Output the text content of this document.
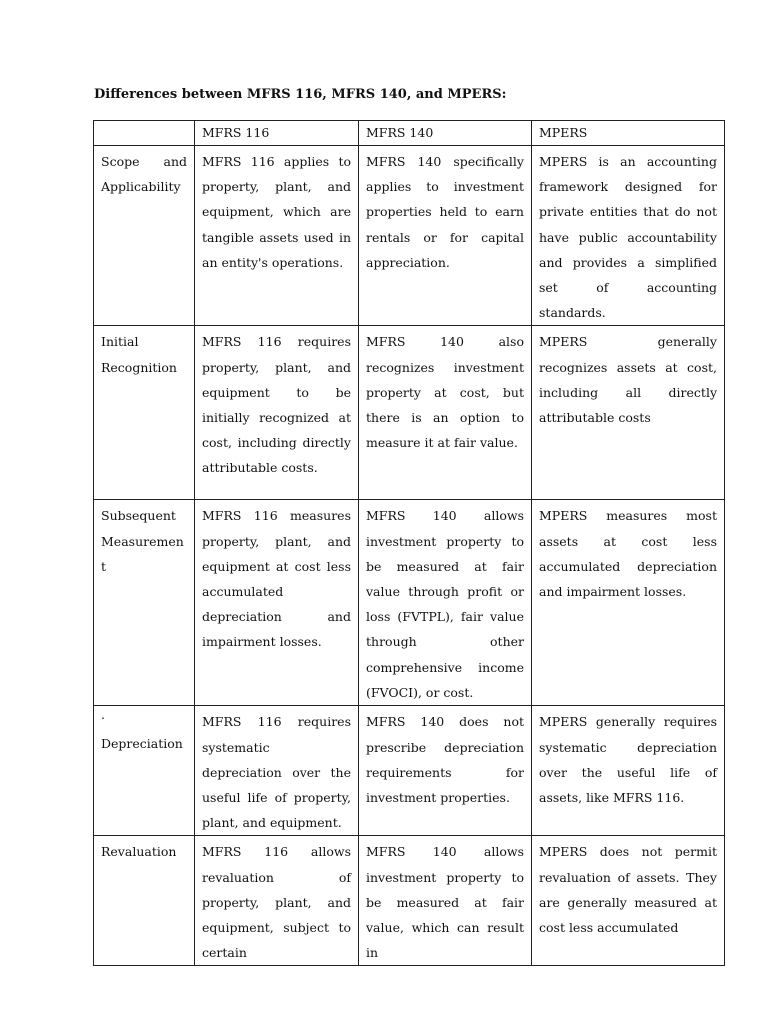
Differences between MFRS 116, MFRS 140, and MPERS:
	MFRS 116	MFRS 140	MPERS
Scope and Applicability	MFRS 116 applies to property, plant, and equipment, which are tangible assets used in an entity's operations.	MFRS 140 specifically applies to investment properties held to earn rentals or for capital appreciation.	MPERS is an accounting framework designed for private entities that do not have public accountability and provides a simplified set of accounting standards.
Initial Recognition	MFRS 116 requires property, plant, and equipment to be initially recognized at cost, including directly attributable costs.	MFRS 140 also recognizes investment property at cost, but there is an option to measure it at fair value.	MPERS generally recognizes assets at cost, including all directly attributable costs
Subsequent Measurement	MFRS 116 measures property, plant, and equipment at cost less accumulated depreciation and impairment losses.	MFRS 140 allows investment property to be measured at fair value through profit or loss (FVTPL), fair value through other comprehensive income (FVOCI), or cost.	MPERS measures most assets at cost less accumulated depreciation and impairment losses.

.
Depreciation	MFRS 116 requires systematic depreciation over the useful life of property, plant, and equipment.	MFRS 140 does not prescribe depreciation requirements for investment properties.	MPERS generally requires systematic depreciation over the useful life of assets, like MFRS 116.
Revaluation	MFRS 116 allows revaluation of property, plant, and equipment, subject to certain	MFRS 140 allows investment property to be measured at fair value, which can result in	MPERS does not permit revaluation of assets. They are generally measured at cost less accumulated
